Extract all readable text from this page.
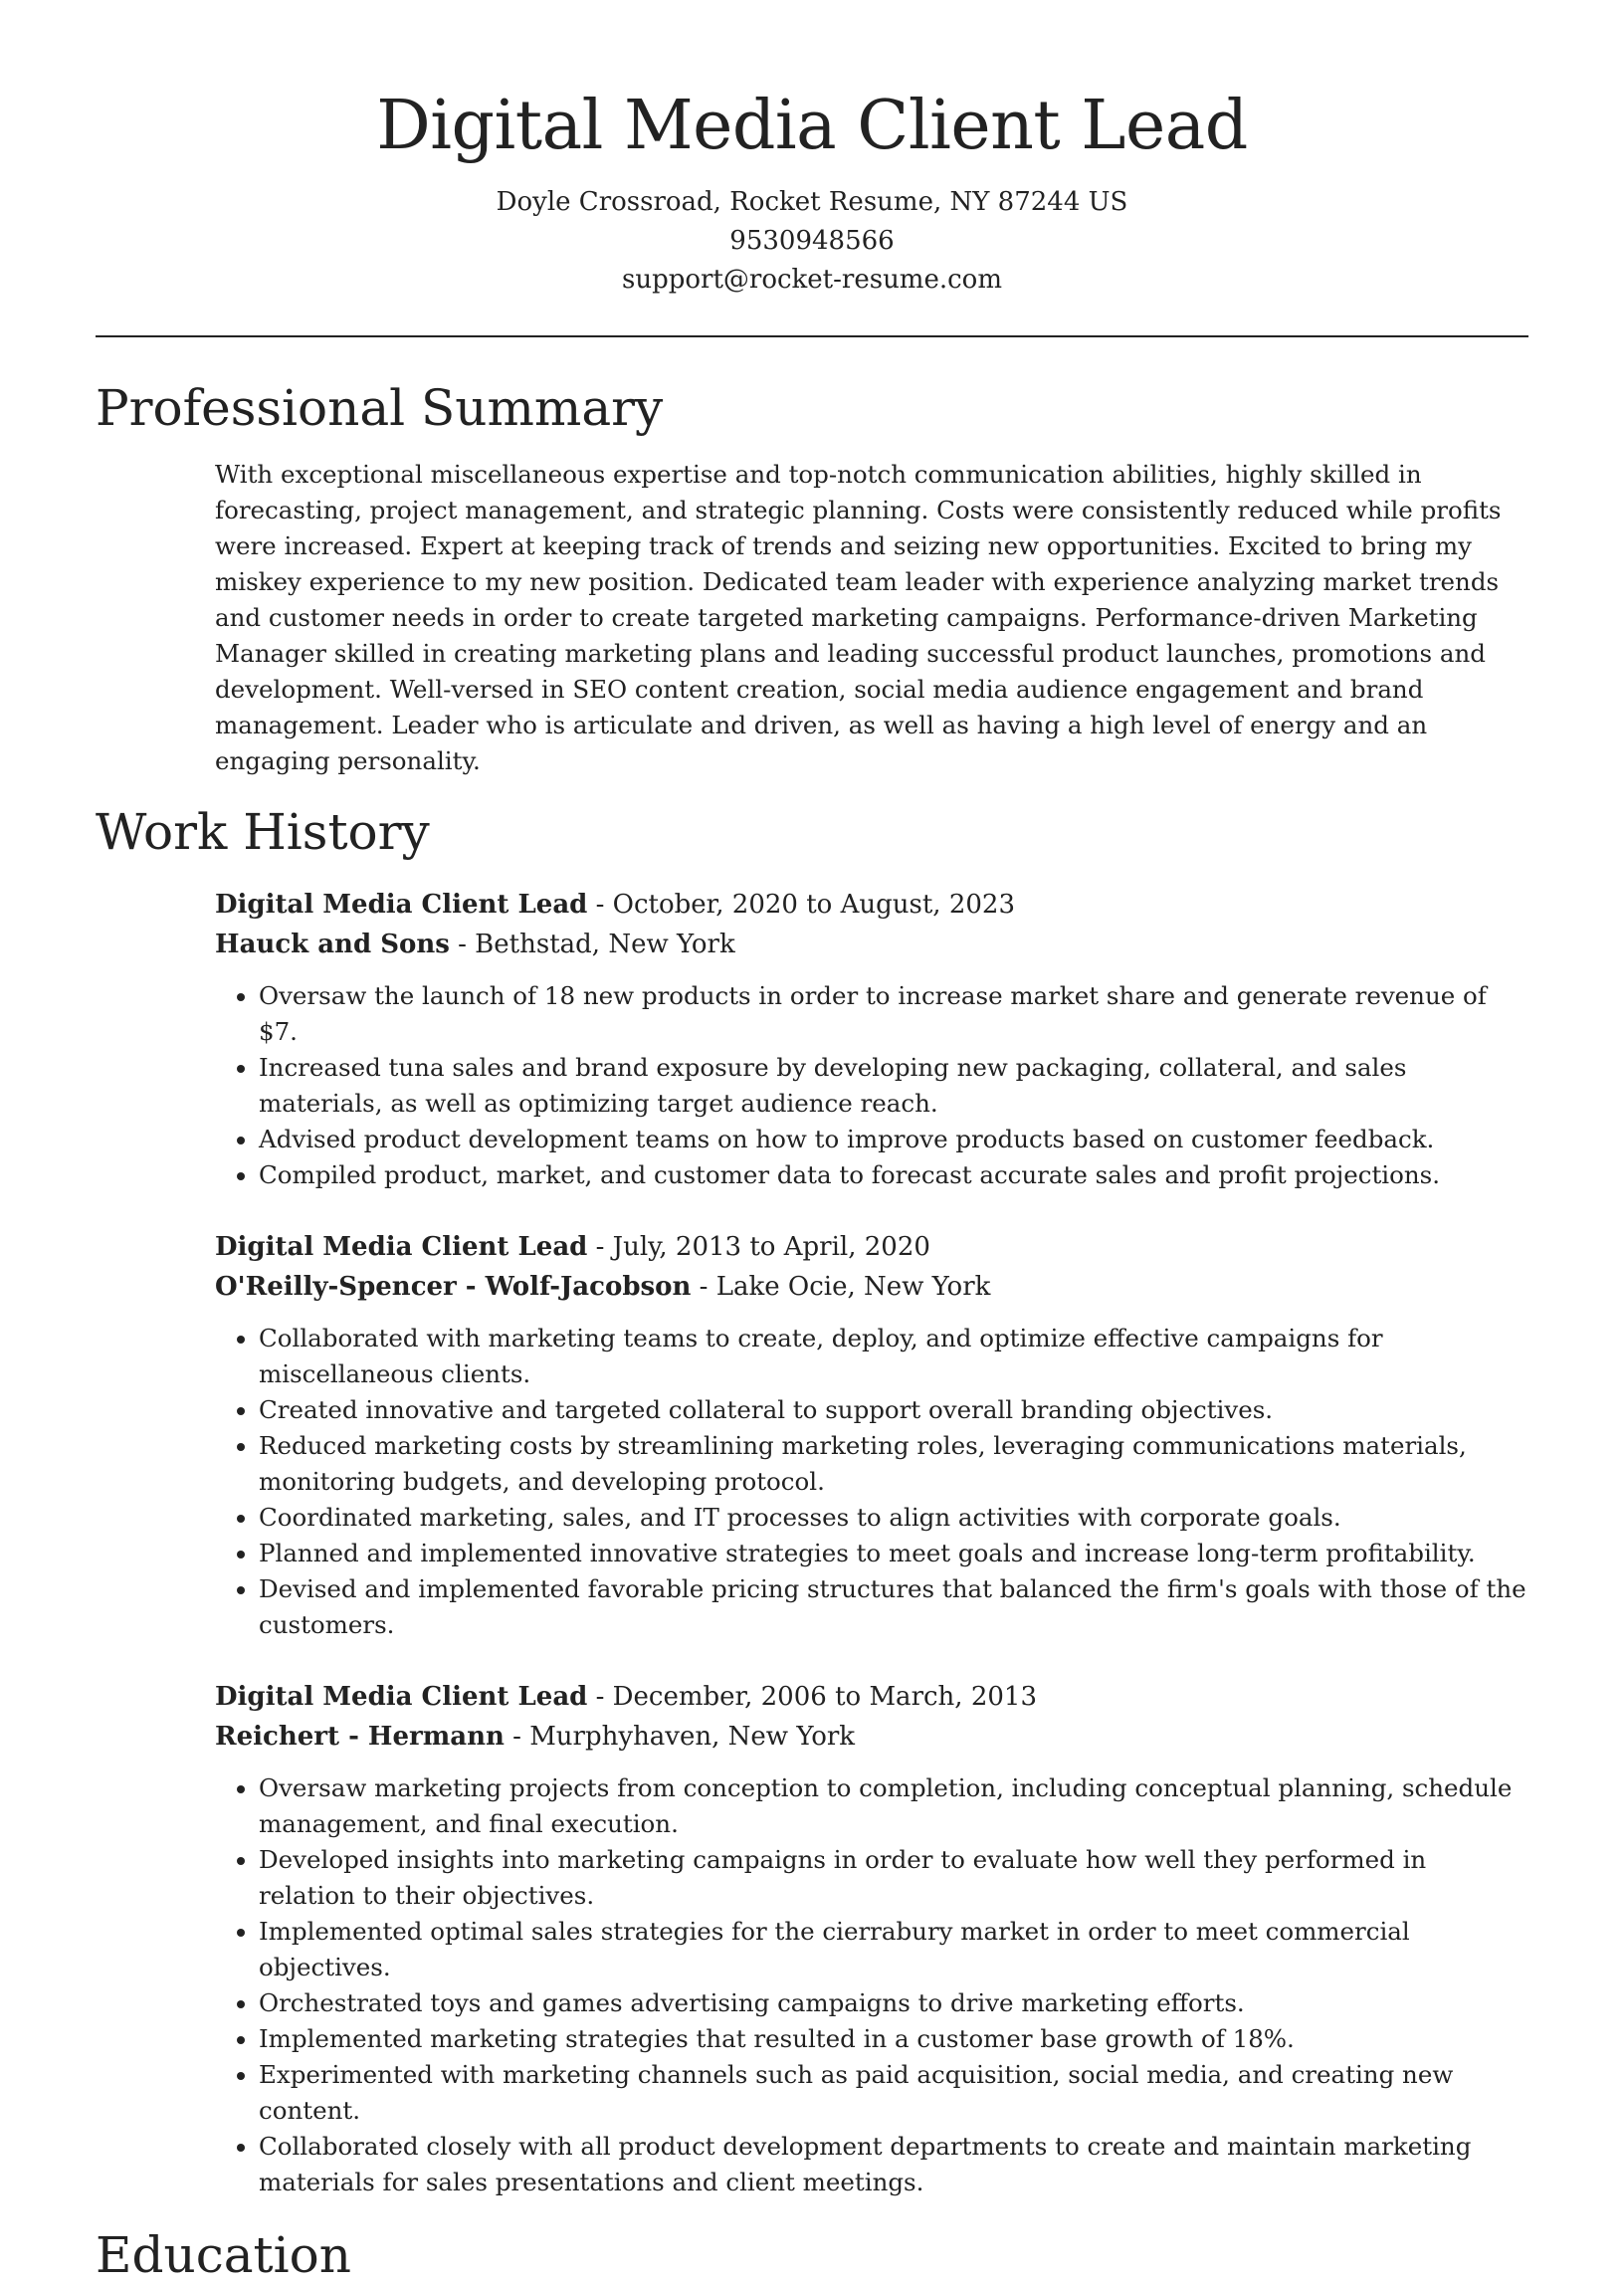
Digital Media Client Lead
Doyle Crossroad, Rocket Resume, NY 87244 US
9530948566
support@rocket-resume.com
Professional Summary
With exceptional miscellaneous expertise and top-notch communication abilities, highly skilled in forecasting, project management, and strategic planning. Costs were consistently reduced while profits were increased. Expert at keeping track of trends and seizing new opportunities. Excited to bring my miskey experience to my new position. Dedicated team leader with experience analyzing market trends and customer needs in order to create targeted marketing campaigns. Performance-driven Marketing Manager skilled in creating marketing plans and leading successful product launches, promotions and development. Well-versed in SEO content creation, social media audience engagement and brand management. Leader who is articulate and driven, as well as having a high level of energy and an engaging personality.
Work History
Digital Media Client Lead - October, 2020 to August, 2023
Hauck and Sons - Bethstad, New York
• Oversaw the launch of 18 new products in order to increase market share and generate revenue of $7.
• Increased tuna sales and brand exposure by developing new packaging, collateral, and sales materials, as well as optimizing target audience reach.
• Advised product development teams on how to improve products based on customer feedback.
• Compiled product, market, and customer data to forecast accurate sales and profit projections.
Digital Media Client Lead - July, 2013 to April, 2020
O'Reilly-Spencer - Wolf-Jacobson - Lake Ocie, New York
• Collaborated with marketing teams to create, deploy, and optimize effective campaigns for miscellaneous clients.
• Created innovative and targeted collateral to support overall branding objectives.
• Reduced marketing costs by streamlining marketing roles, leveraging communications materials, monitoring budgets, and developing protocol.
• Coordinated marketing, sales, and IT processes to align activities with corporate goals.
• Planned and implemented innovative strategies to meet goals and increase long-term profitability.
• Devised and implemented favorable pricing structures that balanced the firm's goals with those of the customers.
Digital Media Client Lead - December, 2006 to March, 2013
Reichert - Hermann - Murphyhaven, New York
• Oversaw marketing projects from conception to completion, including conceptual planning, schedule management, and final execution.
• Developed insights into marketing campaigns in order to evaluate how well they performed in relation to their objectives.
• Implemented optimal sales strategies for the cierrabury market in order to meet commercial objectives.
• Orchestrated toys and games advertising campaigns to drive marketing efforts.
• Implemented marketing strategies that resulted in a customer base growth of 18%.
• Experimented with marketing channels such as paid acquisition, social media, and creating new content.
• Collaborated closely with all product development departments to create and maintain marketing materials for sales presentations and client meetings.
Education
